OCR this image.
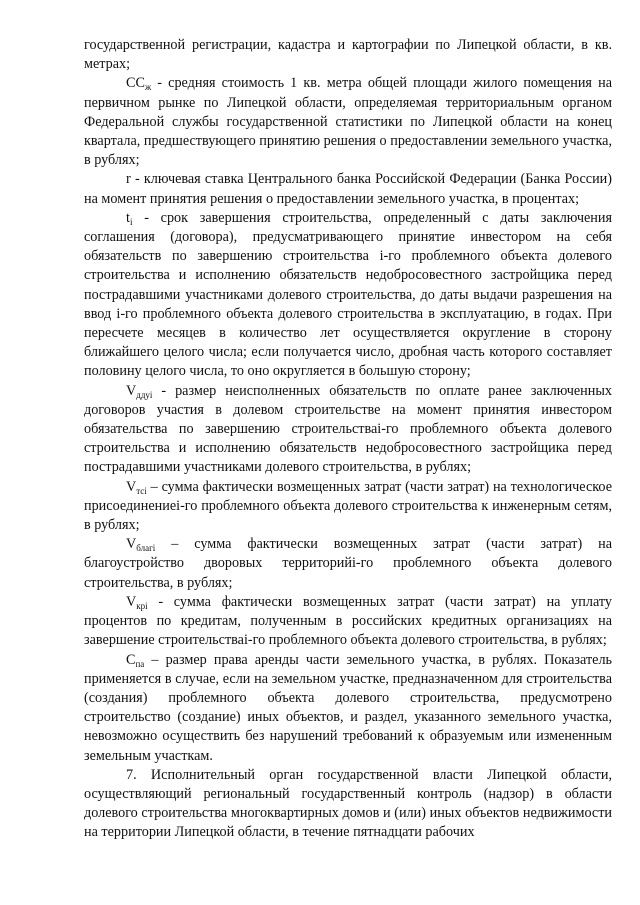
государственной регистрации, кадастра и картографии по Липецкой области, в кв. метрах;

$СС_ж$ - средняя стоимость 1 кв. метра общей площади жилого помещения на первичном рынке по Липецкой области, определяемая территориальным органом Федеральной службы государственной статистики по Липецкой области на конец квартала, предшествующего принятию решения о предоставлении земельного участка, в рублях;

r - ключевая ставка Центрального банка Российской Федерации (Банка России) на момент принятия решения о предоставлении земельного участка, в процентах;

$t_i$ - срок завершения строительства, определенный с даты заключения соглашения (договора), предусматривающего принятие инвестором на себя обязательств по завершению строительства i-го проблемного объекта долевого строительства и исполнению обязательств недобросовестного застройщика перед пострадавшими участниками долевого строительства, до даты выдачи разрешения на ввод i-го проблемного объекта долевого строительства в эксплуатацию, в годах. При пересчете месяцев в количество лет осуществляется округление в сторону ближайшего целого числа; если получается число, дробная часть которого составляет половину целого числа, то оно округляется в большую сторону;

$V_{ддуi}$ - размер неисполненных обязательств по оплате ранее заключенных договоров участия в долевом строительстве на момент принятия инвестором обязательства по завершению строительстваi-го проблемного объекта долевого строительства и исполнению обязательств недобросовестного застройщика перед пострадавшими участниками долевого строительства, в рублях;

$V_{тсi}$ – сумма фактически возмещенных затрат (части затрат) на технологическое присоединениеi-го проблемного объекта долевого строительства к инженерным сетям, в рублях;

$V_{благi}$ – сумма фактически возмещенных затрат (части затрат) на благоустройство дворовых территорийi-го проблемного объекта долевого строительства, в рублях;

$V_{крi}$ - сумма фактически возмещенных затрат (части затрат) на уплату процентов по кредитам, полученным в российских кредитных организациях на завершение строительстваi-го проблемного объекта долевого строительства, в рублях;

$С_{па}$ – размер права аренды части земельного участка, в рублях. Показатель применяется в случае, если на земельном участке, предназначенном для строительства (создания) проблемного объекта долевого строительства, предусмотрено строительство (создание) иных объектов, и раздел, указанного земельного участка, невозможно осуществить без нарушений требований к образуемым или измененным земельным участкам.

7. Исполнительный орган государственной власти Липецкой области, осуществляющий региональный государственный контроль (надзор) в области долевого строительства многоквартирных домов и (или) иных объектов недвижимости на территории Липецкой области, в течение пятнадцати рабочих
